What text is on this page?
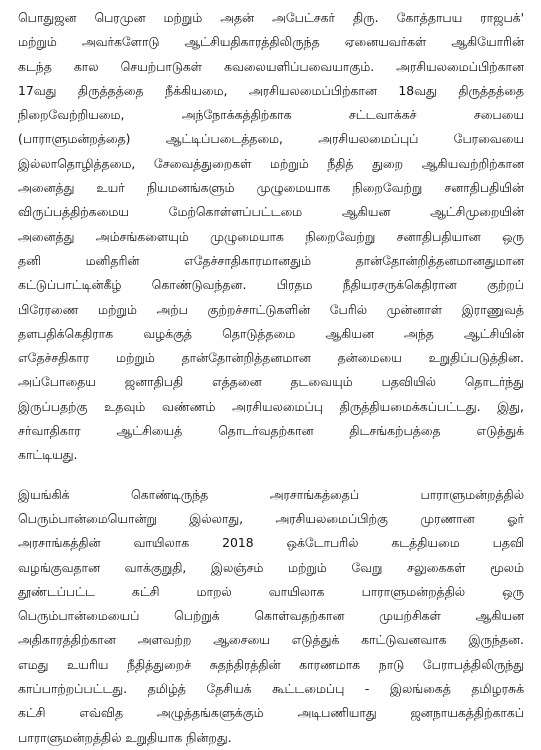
பொதுஜன பெரமுன மற்றும் அதன் அபேட்சகர் திரு. கோத்தாபய ராஜபக்'
மற்றும் அவர்களோடு ஆட்சியதிகாரத்திலிருந்த ஏனையவர்கள் ஆகியோரின்
கடந்த கால செயற்பாடுகள் கவலையளிப்பவையாகும். அரசியலமைப்பிற்கான
17வது திருத்தத்தை நீக்கியமை, அரசியலமைப்பிற்கான 18வது திருத்தத்தை
நிறைவேற்றியமை, அந்நோக்கத்திற்காக சட்டவாக்கச் சபையை
(பாராளுமன்றத்தை) ஆட்டிப்படைத்தமை, அரசியலமைப்புப் பேரவையை
இல்லாதொழித்தமை, சேவைத்துறைகள் மற்றும் நீதித் துறை ஆகியவற்றிற்கான
அனைத்து உயர் நியமனங்களும் முழுமையாக நிறைவேற்று சனாதிபதியின்
விருப்பத்திற்கமைய மேற்கொள்ளப்பட்டமை ஆகியன ஆட்சிமுறையின்
அனைத்து அம்சங்களையும் முழுமையாக நிறைவேற்று சனாதிபதியான ஒரு
தனி மனிதரின் எதேச்சாதிகாரமானதும் தான்தோன்றித்தனமானதுமான
கட்டுப்பாட்டின்கீழ் கொண்டுவந்தன. பிரதம நீதியரசருக்கெதிரான குற்றப்
பிரேரணை மற்றும் அற்ப குற்றச்சாட்டுகளின் பேரில் முன்னாள் இராணுவத்
தளபதிக்கெதிராக வழக்குத் தொடுத்தமை ஆகியன அந்த ஆட்சியின்
எதேச்சதிகார மற்றும் தான்தோன்றித்தனமான தன்மையை உறுதிப்படுத்தின.
அப்போதைய ஜனாதிபதி எத்தனை தடவையும் பதவியில் தொடர்ந்து
இருப்பதற்கு உதவும் வண்ணம் அரசியலமைப்பு திருத்தியமைக்கப்பட்டது. இது,
சர்வாதிகார ஆட்சியைத் தொடர்வதற்கான திடசங்கற்பத்தை எடுத்துக்
காட்டியது.
இயங்கிக் கொண்டிருந்த அரசாங்கத்தைப் பாராளுமன்றத்தில்
பெரும்பான்மையொன்று இல்லாது, அரசியலமைப்பிற்கு முரணான ஓர்
அரசாங்கத்தின் வாயிலாக 2018 ஒக்டோபரில் கடத்தியமை பதவி
வழங்குவதான வாக்குறுதி, இலஞ்சம் மற்றும் வேறு சலுகைகள் மூலம்
தூண்டப்பட்ட கட்சி மாறல் வாயிலாக பாராளுமன்றத்தில் ஒரு
பெரும்பான்மையைப் பெற்றுக் கொள்வதற்கான முயற்சிகள் ஆகியன
அதிகாரத்திற்கான அளவற்ற ஆசையை எடுத்துக் காட்டுவனவாக இருந்தன.
எமது உயரிய நீதித்துறைச் சுதந்திரத்தின் காரணமாக நாடு பேராபத்திலிருந்து
காப்பாற்றப்பட்டது. தமிழ்த் தேசியக் கூட்டமைப்பு - இலங்கைத் தமிழரசுக்
கட்சி எவ்வித அழுத்தங்களுக்கும் அடிபணியாது ஜனநாயகத்திற்காகப்
பாராளுமன்றத்தில் உறுதியாக நின்றது.
